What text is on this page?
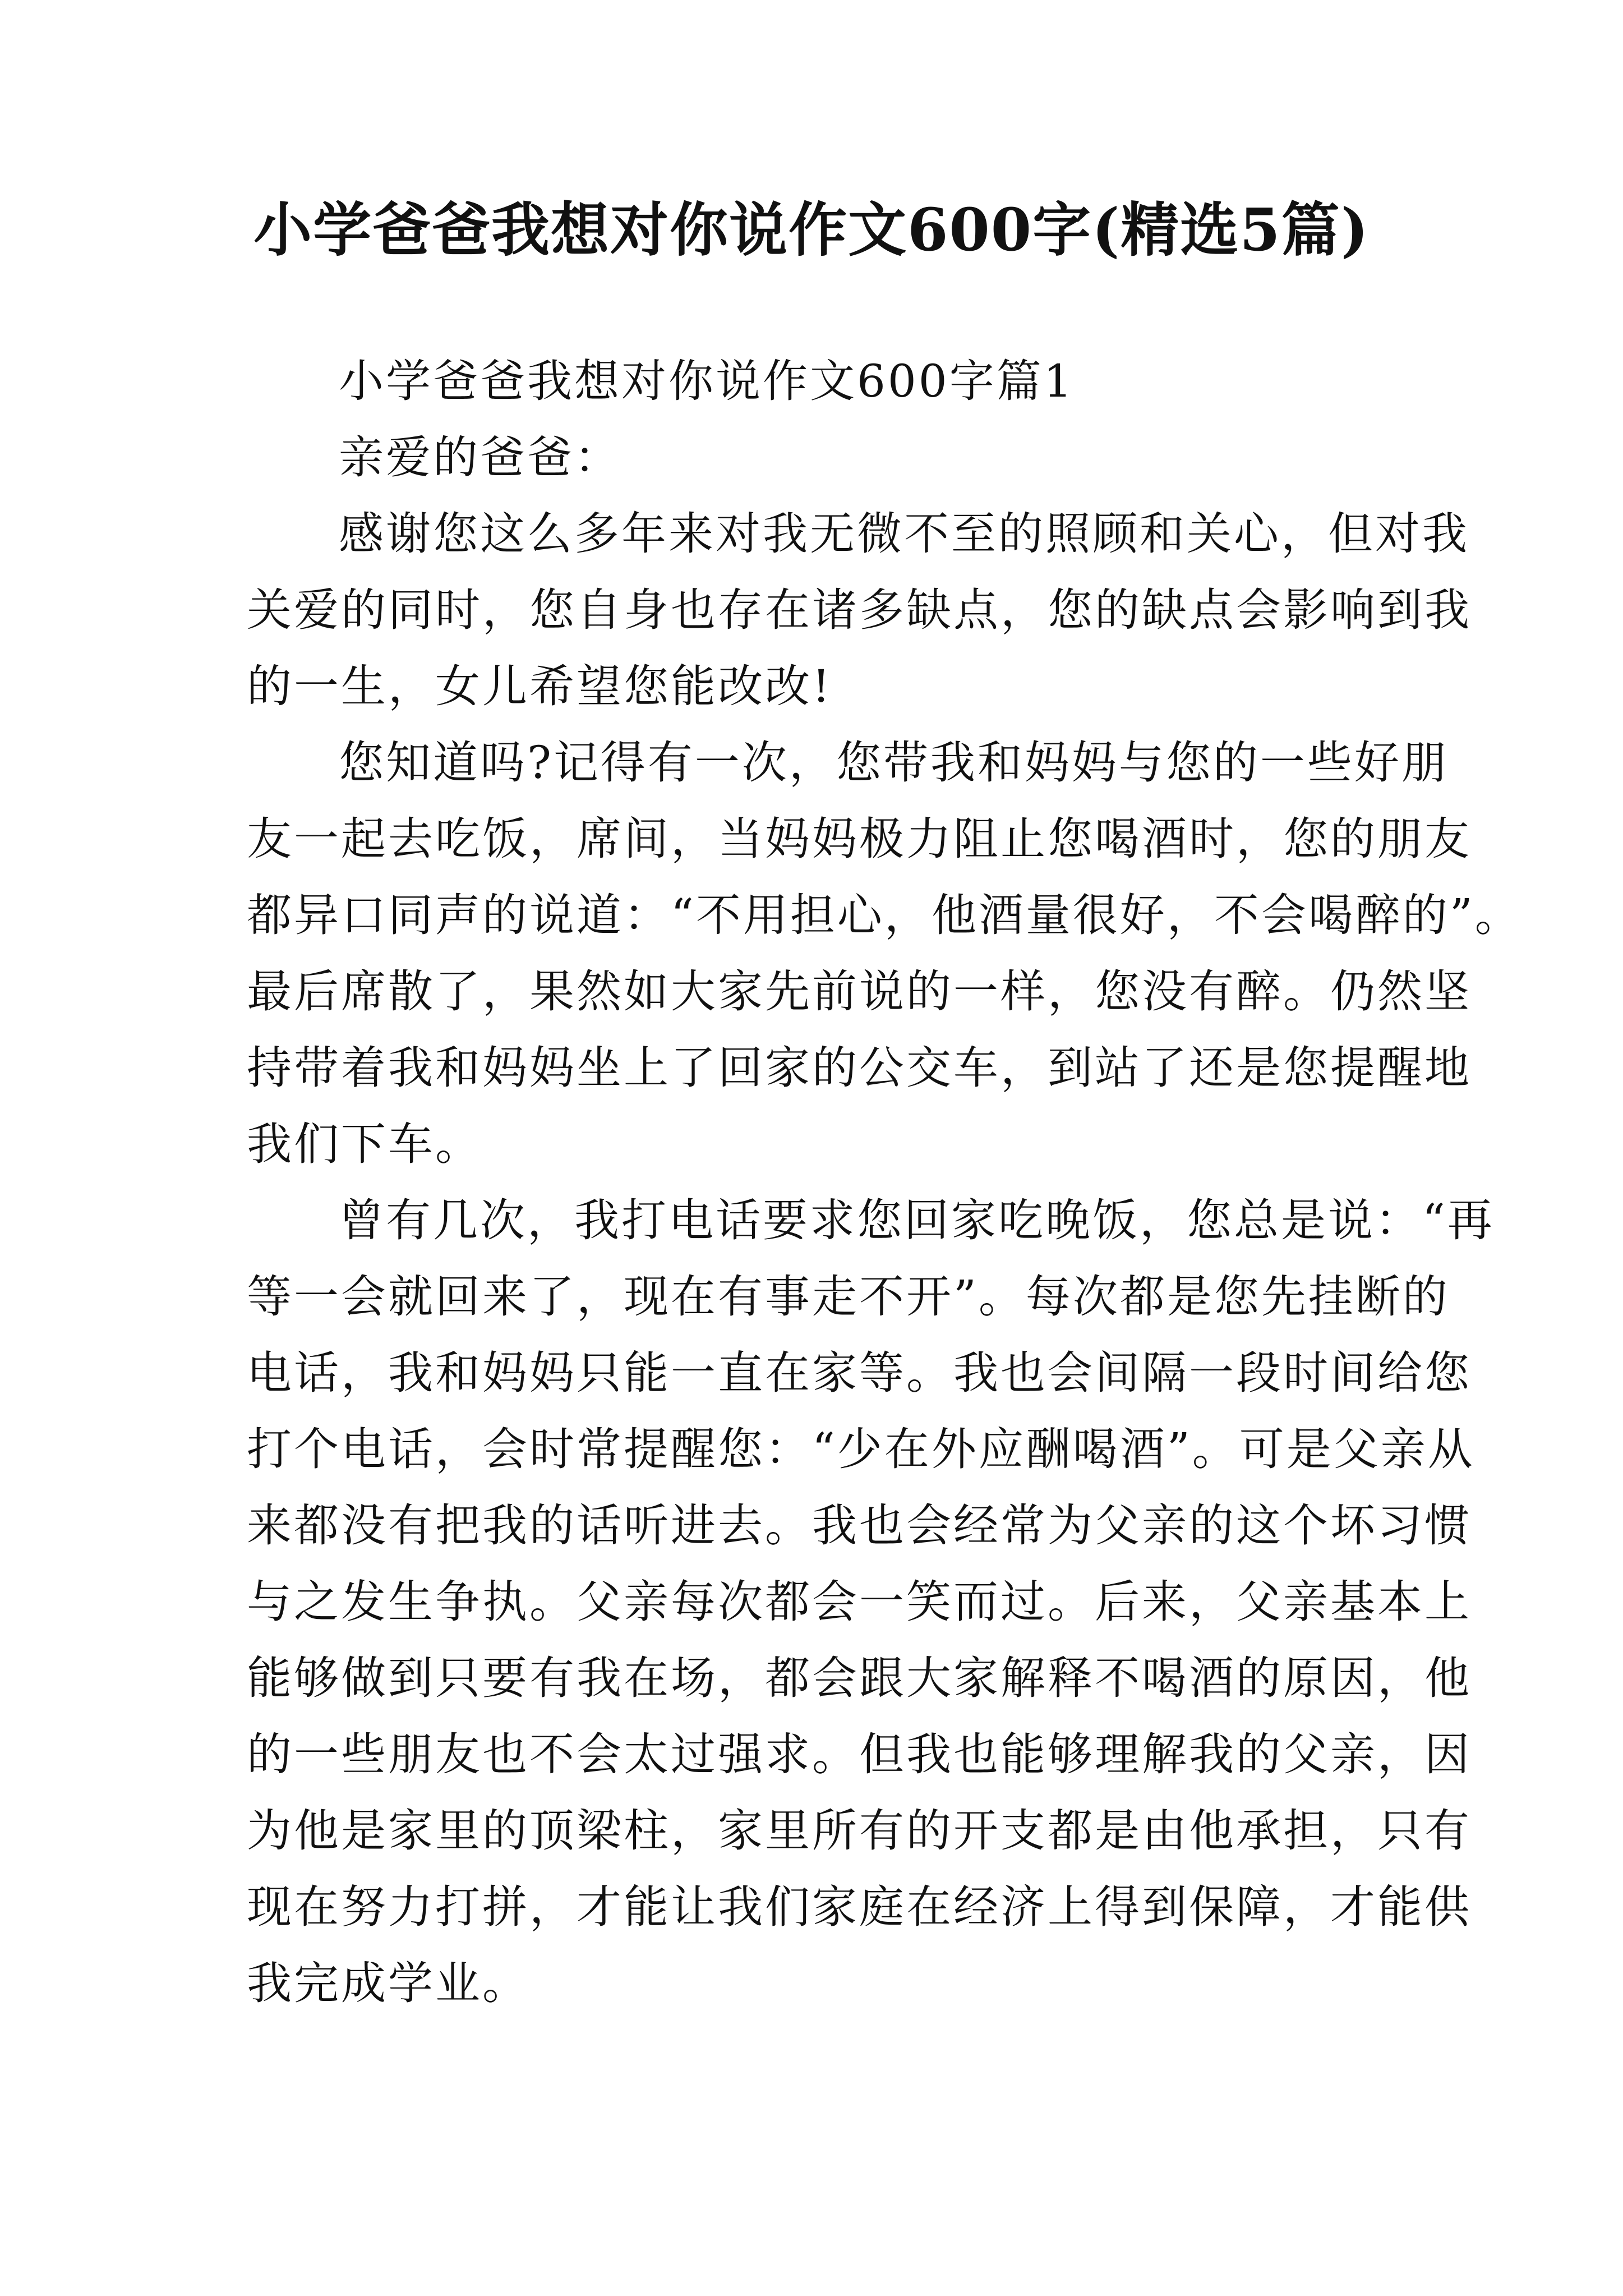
小学爸爸我想对你说作文600字(精选5篇)
小学爸爸我想对你说作文600字篇1
亲爱的爸爸：
感谢您这么多年来对我无微不至的照顾和关心，但对我
关爱的同时，您自身也存在诸多缺点，您的缺点会影响到我
的一生，女儿希望您能改改!
您知道吗?记得有一次，您带我和妈妈与您的一些好朋
友一起去吃饭，席间，当妈妈极力阻止您喝酒时，您的朋友
都异口同声的说道：“不用担心，他酒量很好，不会喝醉的”。
最后席散了，果然如大家先前说的一样，您没有醉。仍然坚
持带着我和妈妈坐上了回家的公交车，到站了还是您提醒地
我们下车。
曾有几次，我打电话要求您回家吃晚饭，您总是说：“再
等一会就回来了，现在有事走不开”。每次都是您先挂断的
电话，我和妈妈只能一直在家等。我也会间隔一段时间给您
打个电话，会时常提醒您：“少在外应酬喝酒”。可是父亲从
来都没有把我的话听进去。我也会经常为父亲的这个坏习惯
与之发生争执。父亲每次都会一笑而过。后来，父亲基本上
能够做到只要有我在场，都会跟大家解释不喝酒的原因，他
的一些朋友也不会太过强求。但我也能够理解我的父亲，因
为他是家里的顶梁柱，家里所有的开支都是由他承担，只有
现在努力打拼，才能让我们家庭在经济上得到保障，才能供
我完成学业。
